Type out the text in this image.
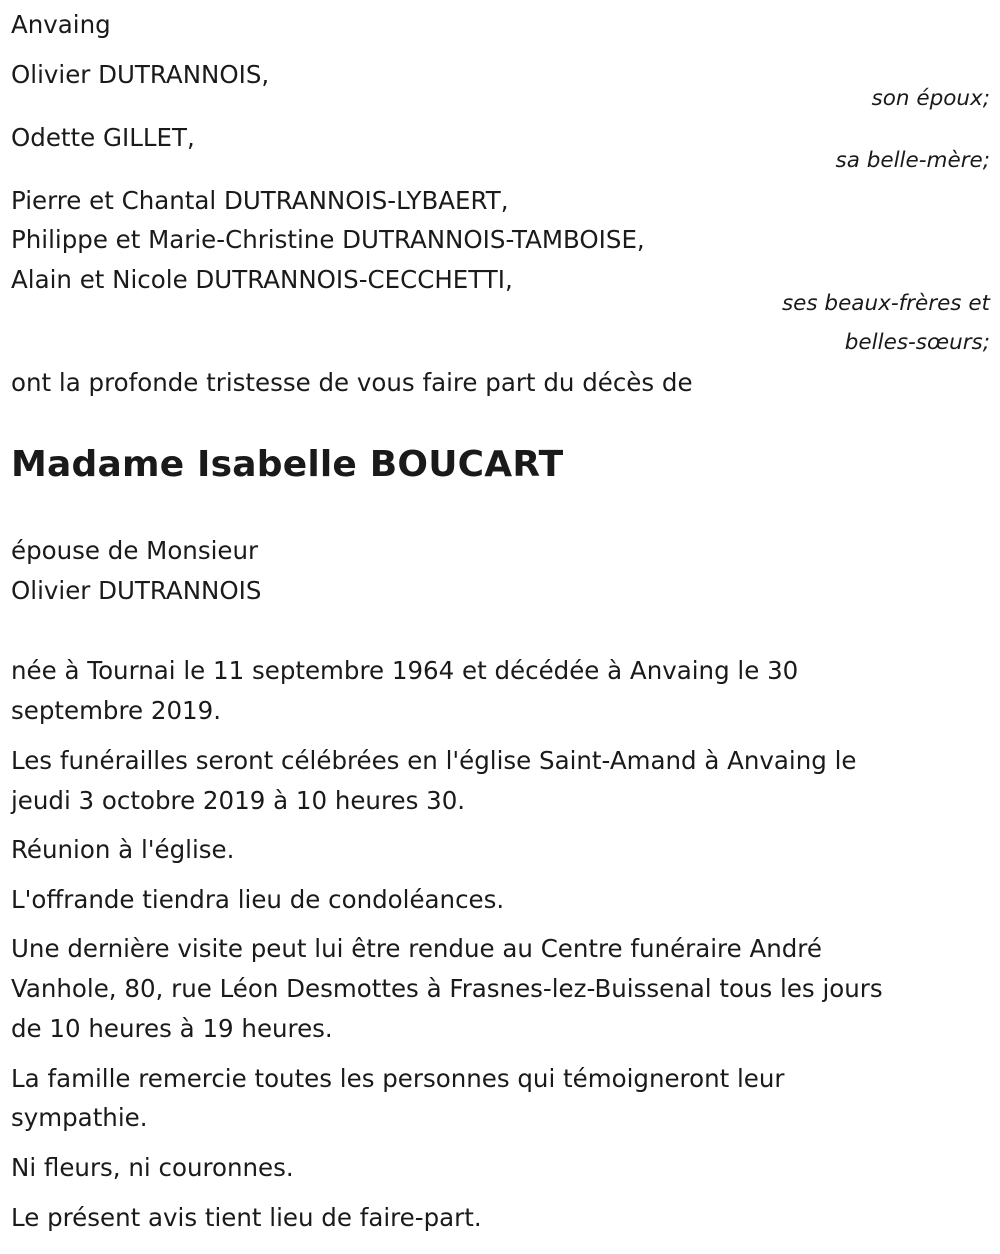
Anvaing
Olivier DUTRANNOIS,
son époux;
Odette GILLET,
sa belle-mère;
Pierre et Chantal DUTRANNOIS-LYBAERT,
Philippe et Marie-Christine DUTRANNOIS-TAMBOISE,
Alain et Nicole DUTRANNOIS-CECCHETTI,
ses beaux-frères et
belles-sœurs;
ont la profonde tristesse de vous faire part du décès de
Madame Isabelle BOUCART
épouse de Monsieur
Olivier DUTRANNOIS
née à Tournai le 11 septembre 1964 et décédée à Anvaing le 30
septembre 2019.
Les funérailles seront célébrées en l'église Saint-Amand à Anvaing le
jeudi 3 octobre 2019 à 10 heures 30.
Réunion à l'église.
L'offrande tiendra lieu de condoléances.
Une dernière visite peut lui être rendue au Centre funéraire André
Vanhole, 80, rue Léon Desmottes à Frasnes-lez-Buissenal tous les jours
de 10 heures à 19 heures.
La famille remercie toutes les personnes qui témoigneront leur
sympathie.
Ni fleurs, ni couronnes.
Le présent avis tient lieu de faire-part.
